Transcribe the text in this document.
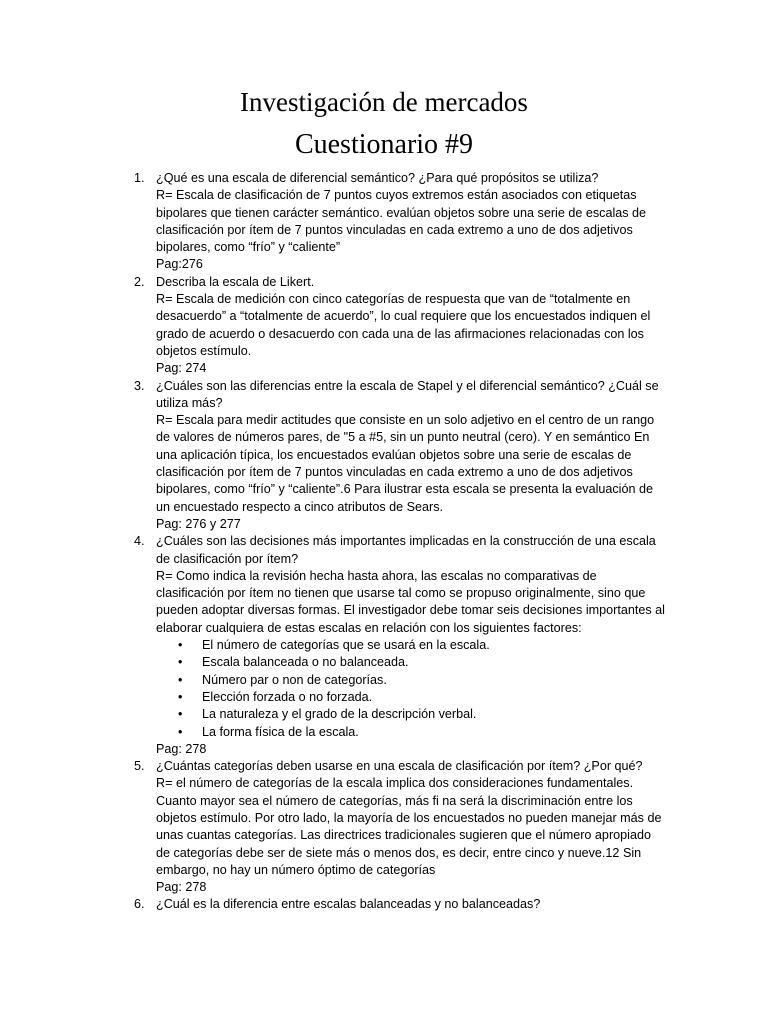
Investigación de mercados
Cuestionario #9
1. ¿Qué es una escala de diferencial semántico? ¿Para qué propósitos se utiliza?
R= Escala de clasificación de 7 puntos cuyos extremos están asociados con etiquetas bipolares que tienen carácter semántico. evalúan objetos sobre una serie de escalas de clasificación por ítem de 7 puntos vinculadas en cada extremo a uno de dos adjetivos bipolares, como “frío” y “caliente”
Pag:276
2. Describa la escala de Likert.
R= Escala de medición con cinco categorías de respuesta que van de “totalmente en desacuerdo” a “totalmente de acuerdo”, lo cual requiere que los encuestados indiquen el grado de acuerdo o desacuerdo con cada una de las afirmaciones relacionadas con los objetos estímulo.
Pag: 274
3. ¿Cuáles son las diferencias entre la escala de Stapel y el diferencial semántico? ¿Cuál se utiliza más?
R= Escala para medir actitudes que consiste en un solo adjetivo en el centro de un rango de valores de números pares, de "5 a #5, sin un punto neutral (cero). Y en semántico En una aplicación típica, los encuestados evalúan objetos sobre una serie de escalas de clasificación por ítem de 7 puntos vinculadas en cada extremo a uno de dos adjetivos bipolares, como “frío” y “caliente”.6 Para ilustrar esta escala se presenta la evaluación de un encuestado respecto a cinco atributos de Sears.
Pag: 276 y 277
4. ¿Cuáles son las decisiones más importantes implicadas en la construcción de una escala de clasificación por ítem?
R= Como indica la revisión hecha hasta ahora, las escalas no comparativas de clasificación por ítem no tienen que usarse tal como se propuso originalmente, sino que pueden adoptar diversas formas. El investigador debe tomar seis decisiones importantes al elaborar cualquiera de estas escalas en relación con los siguientes factores:
• El número de categorías que se usará en la escala.
• Escala balanceada o no balanceada.
• Número par o non de categorías.
• Elección forzada o no forzada.
• La naturaleza y el grado de la descripción verbal.
• La forma física de la escala.
Pag: 278
5. ¿Cuántas categorías deben usarse en una escala de clasificación por ítem? ¿Por qué?
R= el número de categorías de la escala implica dos consideraciones fundamentales. Cuanto mayor sea el número de categorías, más fi na será la discriminación entre los objetos estímulo. Por otro lado, la mayoría de los encuestados no pueden manejar más de unas cuantas categorías. Las directrices tradicionales sugieren que el número apropiado de categorías debe ser de siete más o menos dos, es decir, entre cinco y nueve.12 Sin embargo, no hay un número óptimo de categorías
Pag: 278
6. ¿Cuál es la diferencia entre escalas balanceadas y no balanceadas?
